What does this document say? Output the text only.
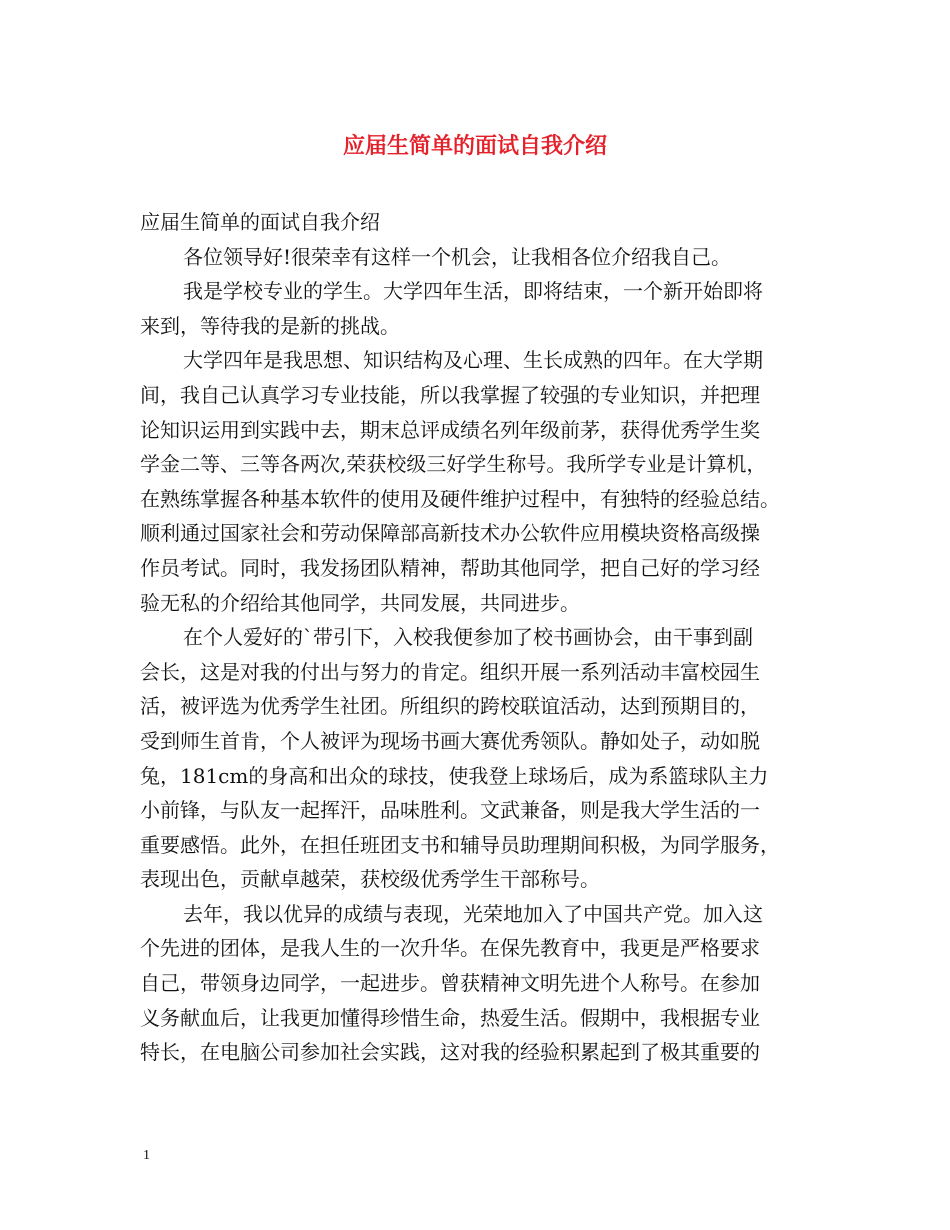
应届生简单的面试自我介绍
应届生简单的面试自我介绍
各位领导好!很荣幸有这样一个机会，让我相各位介绍我自己。
我是学校专业的学生。大学四年生活，即将结束，一个新开始即将
来到，等待我的是新的挑战。
大学四年是我思想、知识结构及心理、生长成熟的四年。在大学期
间，我自己认真学习专业技能，所以我掌握了较强的专业知识，并把理
论知识运用到实践中去，期末总评成绩名列年级前茅，获得优秀学生奖
学金二等、三等各两次,荣获校级三好学生称号。我所学专业是计算机，
在熟练掌握各种基本软件的使用及硬件维护过程中，有独特的经验总结。
顺利通过国家社会和劳动保障部高新技术办公软件应用模块资格高级操
作员考试。同时，我发扬团队精神，帮助其他同学，把自己好的学习经
验无私的介绍给其他同学，共同发展，共同进步。
在个人爱好的`带引下，入校我便参加了校书画协会，由干事到副
会长，这是对我的付出与努力的肯定。组织开展一系列活动丰富校园生
活，被评选为优秀学生社团。所组织的跨校联谊活动，达到预期目的，
受到师生首肯，个人被评为现场书画大赛优秀领队。静如处子，动如脱
兔，181cm的身高和出众的球技，使我登上球场后，成为系篮球队主力
小前锋，与队友一起挥汗，品味胜利。文武兼备，则是我大学生活的一
重要感悟。此外，在担任班团支书和辅导员助理期间积极，为同学服务，
表现出色，贡献卓越荣，获校级优秀学生干部称号。
去年，我以优异的成绩与表现，光荣地加入了中国共产党。加入这
个先进的团体，是我人生的一次升华。在保先教育中，我更是严格要求
自己，带领身边同学，一起进步。曾获精神文明先进个人称号。在参加
义务献血后，让我更加懂得珍惜生命，热爱生活。假期中，我根据专业
特长，在电脑公司参加社会实践，这对我的经验积累起到了极其重要的
1
